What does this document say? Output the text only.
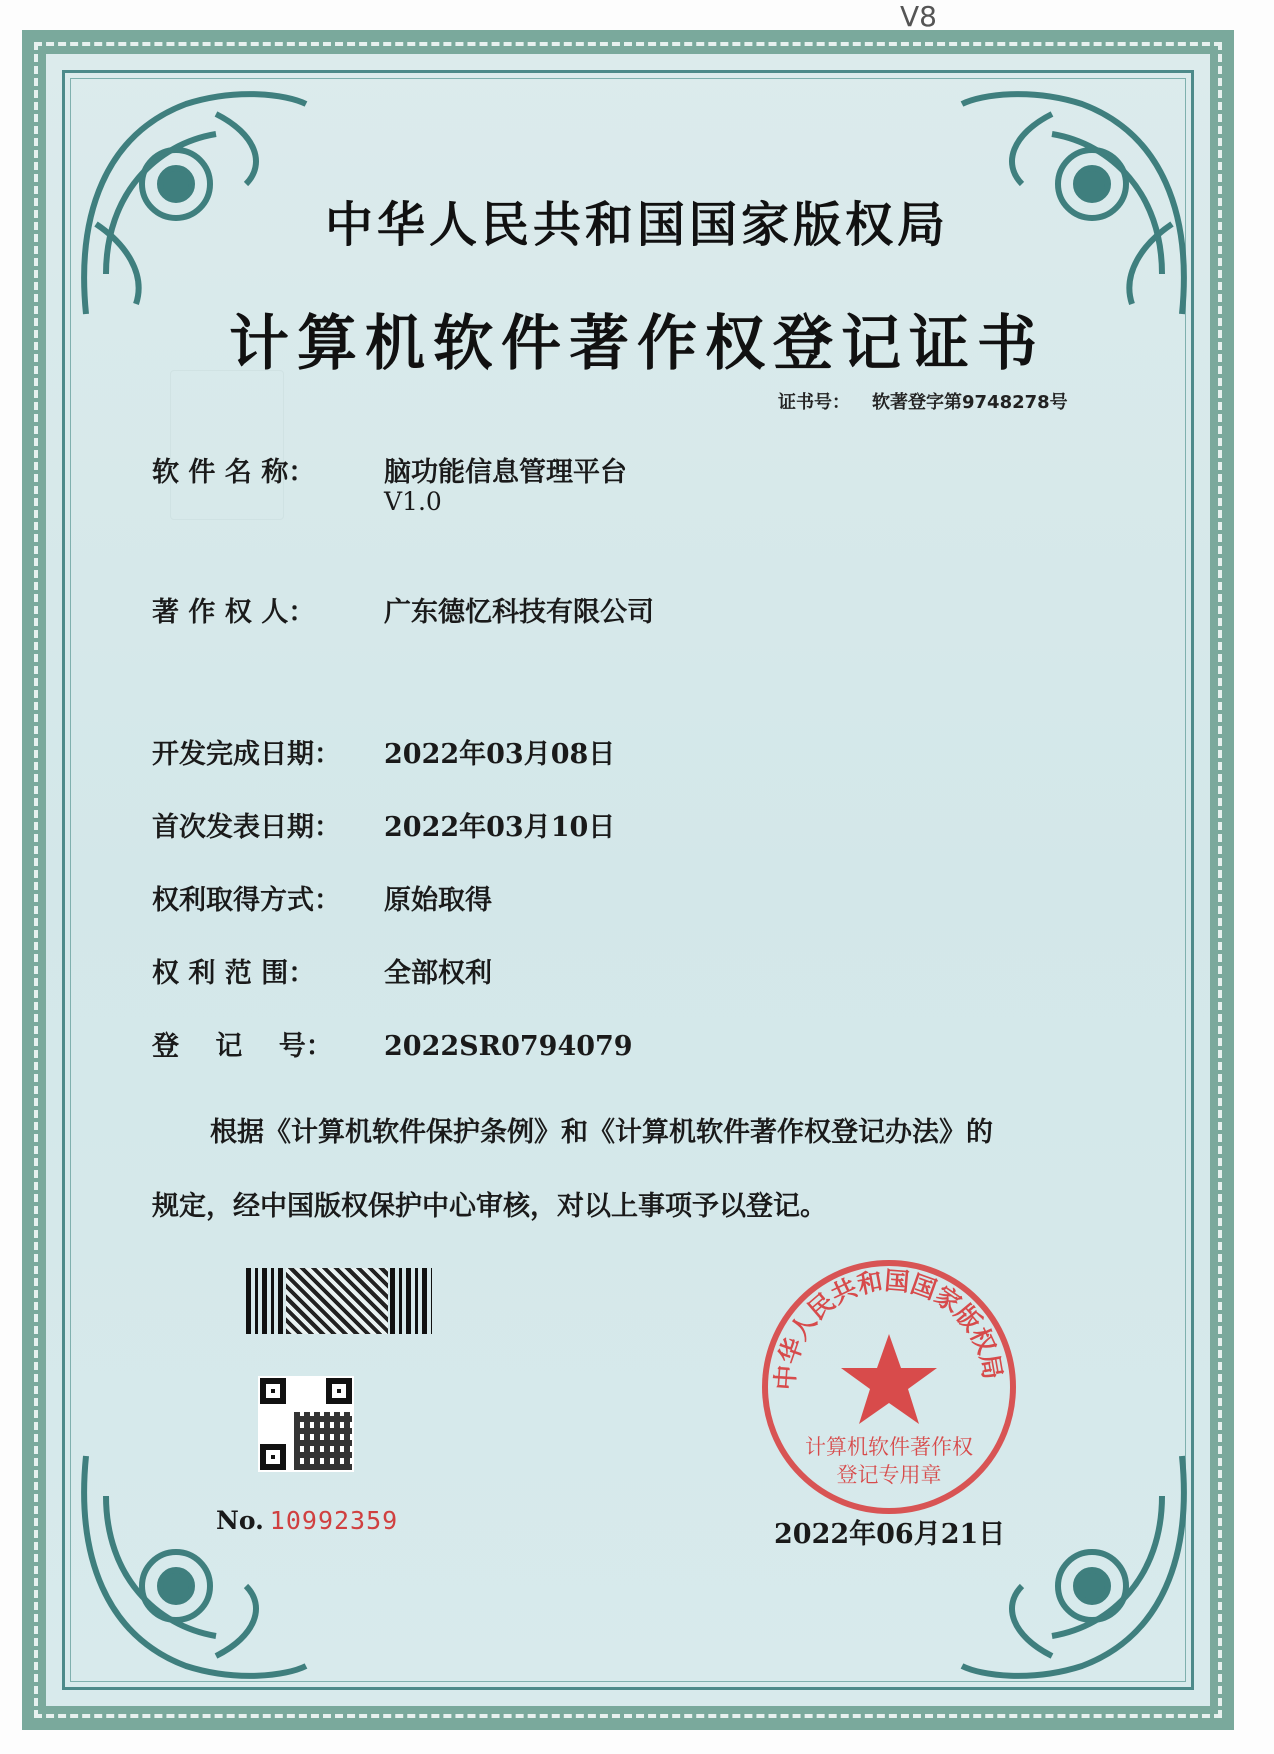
V8
中华人民共和国国家版权局
计算机软件著作权登记证书
证书号： 软著登字第9748278号
软 件 名 称：	脑功能信息管理平台
V1.0
著 作 权 人：	广东德忆科技有限公司
开发完成日期： 2022年03月08日
首次发表日期： 2022年03月10日
权利取得方式： 原始取得
权 利 范 围：	全部权利
登　 记　 号： 2022SR0794079
根据《计算机软件保护条例》和《计算机软件著作权登记办法》的
规定，经中国版权保护中心审核，对以上事项予以登记。
No. 10992359
中华人民共和国国家版权局
计算机软件著作权
登记专用章
2022年06月21日
